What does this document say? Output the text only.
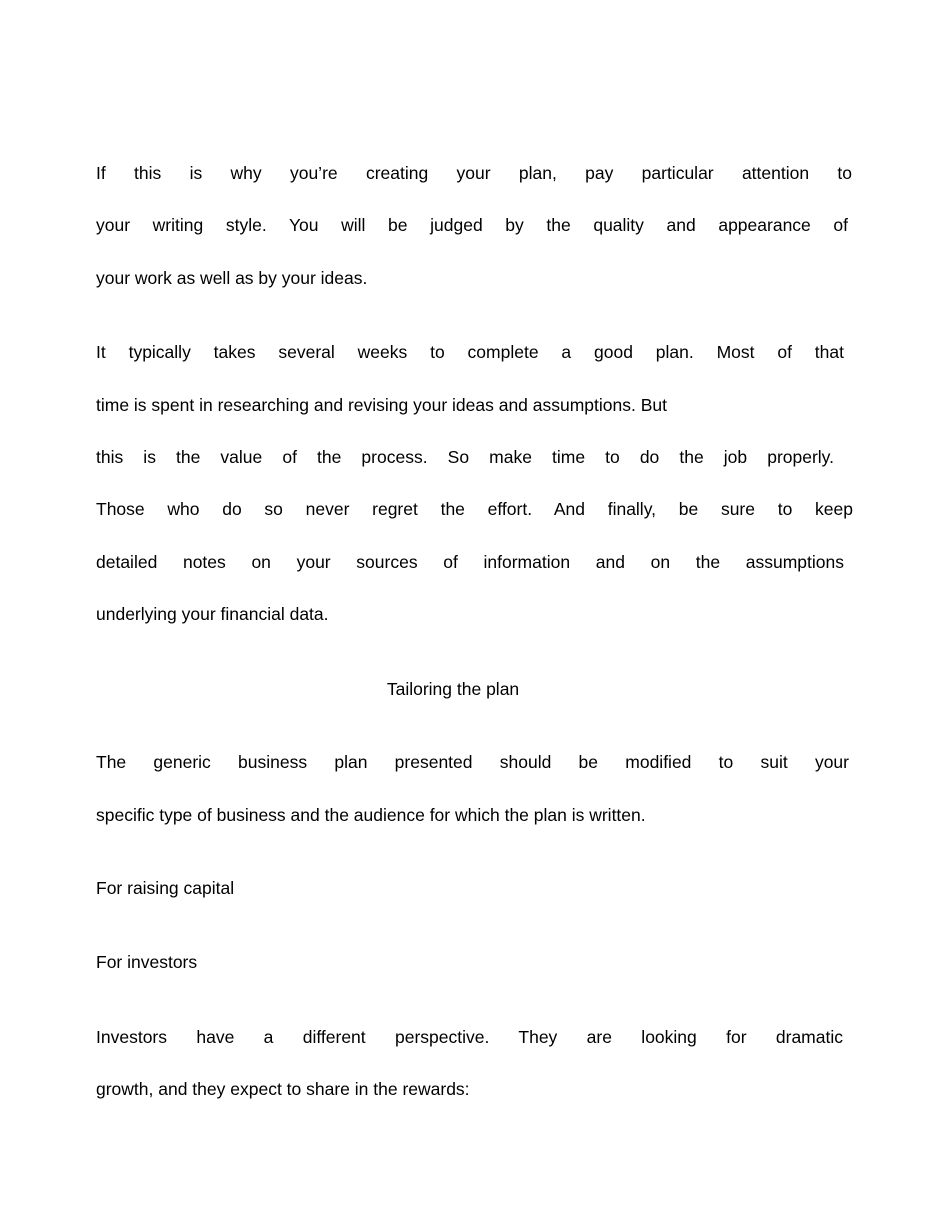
If this is why you’re creating your plan, pay particular attention to
your writing style. You will be judged by the quality and appearance of
your work as well as by your ideas.
It typically takes several weeks to complete a good plan. Most of that
time is spent in researching and revising your ideas and assumptions. But
this is the value of the process. So make time to do the job properly.
Those who do so never regret the effort. And finally, be sure to keep
detailed notes on your sources of information and on the assumptions
underlying your financial data.
Tailoring the plan
The generic business plan presented should be modified to suit your
specific type of business and the audience for which the plan is written.
For raising capital
For investors
Investors have a different perspective. They are looking for dramatic
growth, and they expect to share in the rewards:
